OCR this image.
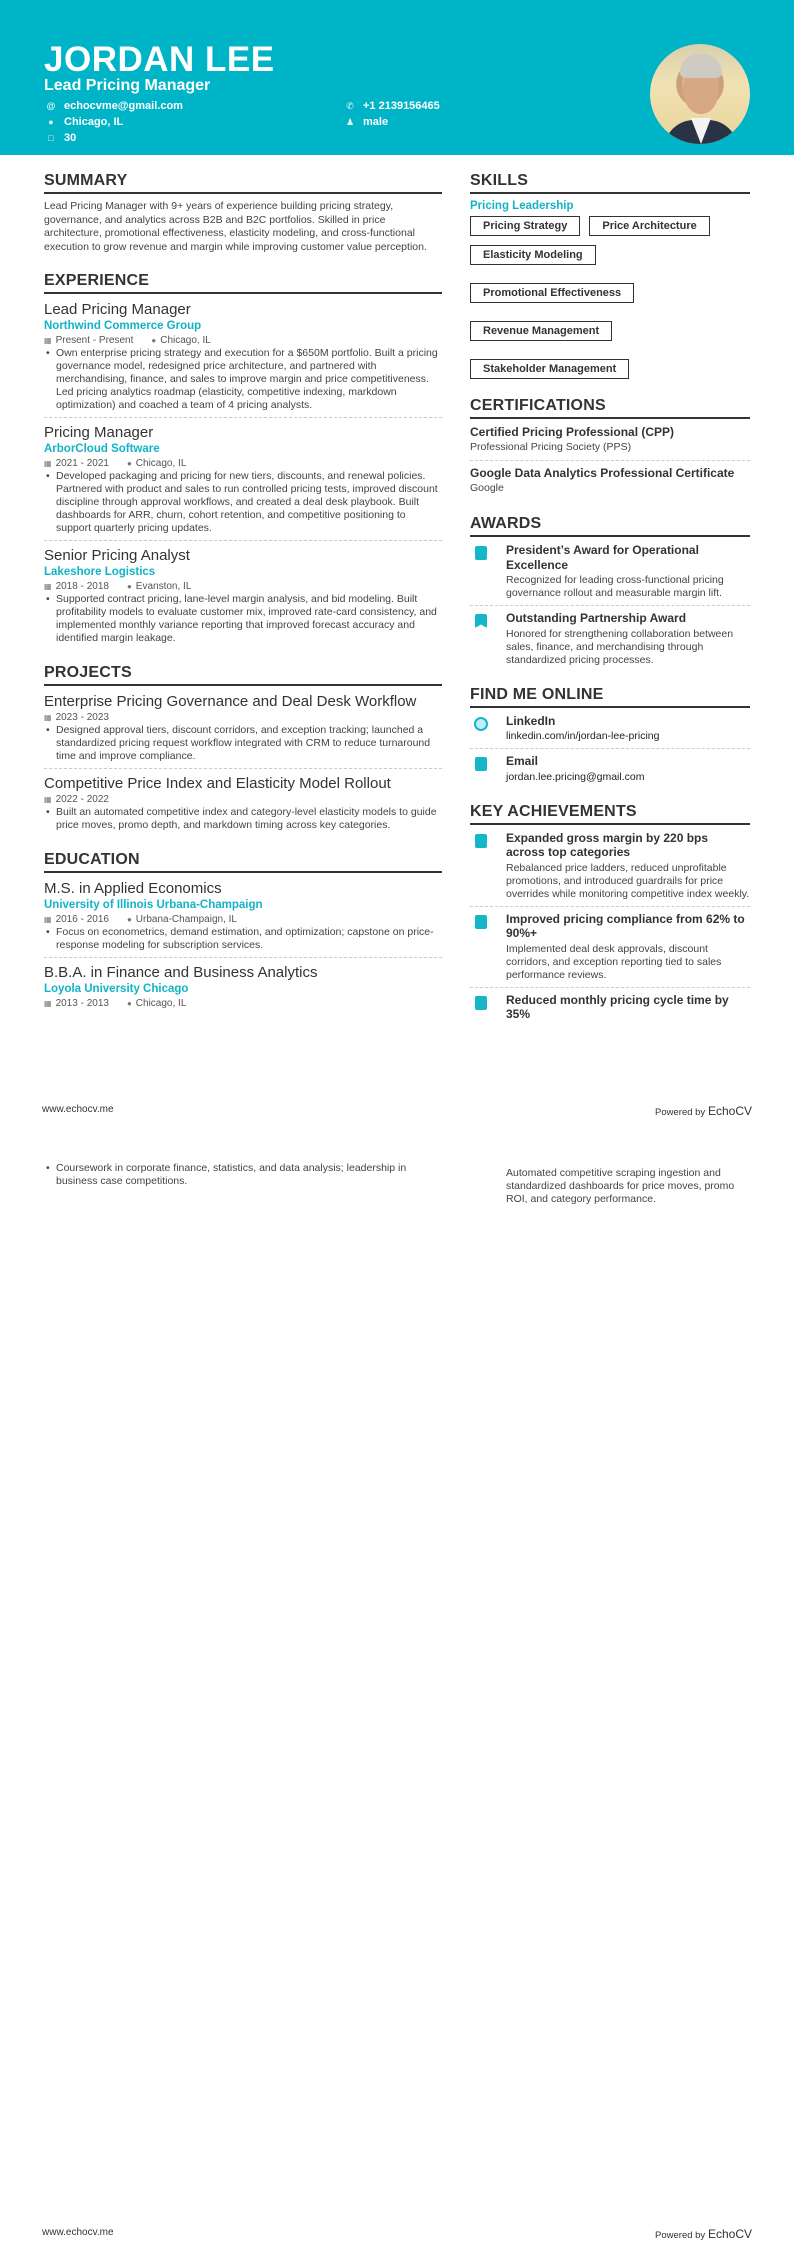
JORDAN LEE
Lead Pricing Manager
@ echocvme@gmail.com
● Chicago, IL
□ 30
✆ +1 2139156465
♟ male
SUMMARY
Lead Pricing Manager with 9+ years of experience building pricing strategy, governance, and analytics across B2B and B2C portfolios. Skilled in price architecture, promotional effectiveness, elasticity modeling, and cross-functional execution to grow revenue and margin while improving customer value perception.
EXPERIENCE
Lead Pricing Manager
Northwind Commerce Group
▦ Present - Present ● Chicago, IL
• Own enterprise pricing strategy and execution for a $650M portfolio. Built a pricing governance model, redesigned price architecture, and partnered with merchandising, finance, and sales to improve margin and price competitiveness. Led pricing analytics roadmap (elasticity, competitive indexing, markdown optimization) and coached a team of 4 pricing analysts.
Pricing Manager
ArborCloud Software
▦ 2021 - 2021 ● Chicago, IL
• Developed packaging and pricing for new tiers, discounts, and renewal policies. Partnered with product and sales to run controlled pricing tests, improved discount discipline through approval workflows, and created a deal desk playbook. Built dashboards for ARR, churn, cohort retention, and competitive positioning to support quarterly pricing updates.
Senior Pricing Analyst
Lakeshore Logistics
▦ 2018 - 2018 ● Evanston, IL
• Supported contract pricing, lane-level margin analysis, and bid modeling. Built profitability models to evaluate customer mix, improved rate-card consistency, and implemented monthly variance reporting that improved forecast accuracy and identified margin leakage.
PROJECTS
Enterprise Pricing Governance and Deal Desk Workflow
▦ 2023 - 2023
• Designed approval tiers, discount corridors, and exception tracking; launched a standardized pricing request workflow integrated with CRM to reduce turnaround time and improve compliance.
Competitive Price Index and Elasticity Model Rollout
▦ 2022 - 2022
• Built an automated competitive index and category-level elasticity models to guide price moves, promo depth, and markdown timing across key categories.
EDUCATION
M.S. in Applied Economics
University of Illinois Urbana-Champaign
▦ 2016 - 2016 ● Urbana-Champaign, IL
• Focus on econometrics, demand estimation, and optimization; capstone on price-response modeling for subscription services.
B.B.A. in Finance and Business Analytics
Loyola University Chicago
▦ 2013 - 2013 ● Chicago, IL
SKILLS
Pricing Leadership
Pricing Strategy	Price Architecture
Elasticity Modeling
Promotional Effectiveness
Revenue Management
Stakeholder Management
CERTIFICATIONS
Certified Pricing Professional (CPP)
Professional Pricing Society (PPS)
Google Data Analytics Professional Certificate
Google
AWARDS
President’s Award for Operational Excellence
Recognized for leading cross-functional pricing governance rollout and measurable margin lift.
Outstanding Partnership Award
Honored for strengthening collaboration between sales, finance, and merchandising through standardized pricing processes.
FIND ME ONLINE
LinkedIn
linkedin.com/in/jordan-lee-pricing
Email
jordan.lee.pricing@gmail.com
KEY ACHIEVEMENTS
Expanded gross margin by 220 bps across top categories
Rebalanced price ladders, reduced unprofitable promotions, and introduced guardrails for price overrides while monitoring competitive index weekly.
Improved pricing compliance from 62% to 90%+
Implemented deal desk approvals, discount corridors, and exception reporting tied to sales performance reviews.
Reduced monthly pricing cycle time by 35%
www.echocv.me	Powered by EchoCV
• Coursework in corporate finance, statistics, and data analysis; leadership in business case competitions.
Automated competitive scraping ingestion and standardized dashboards for price moves, promo ROI, and category performance.
www.echocv.me	Powered by EchoCV
